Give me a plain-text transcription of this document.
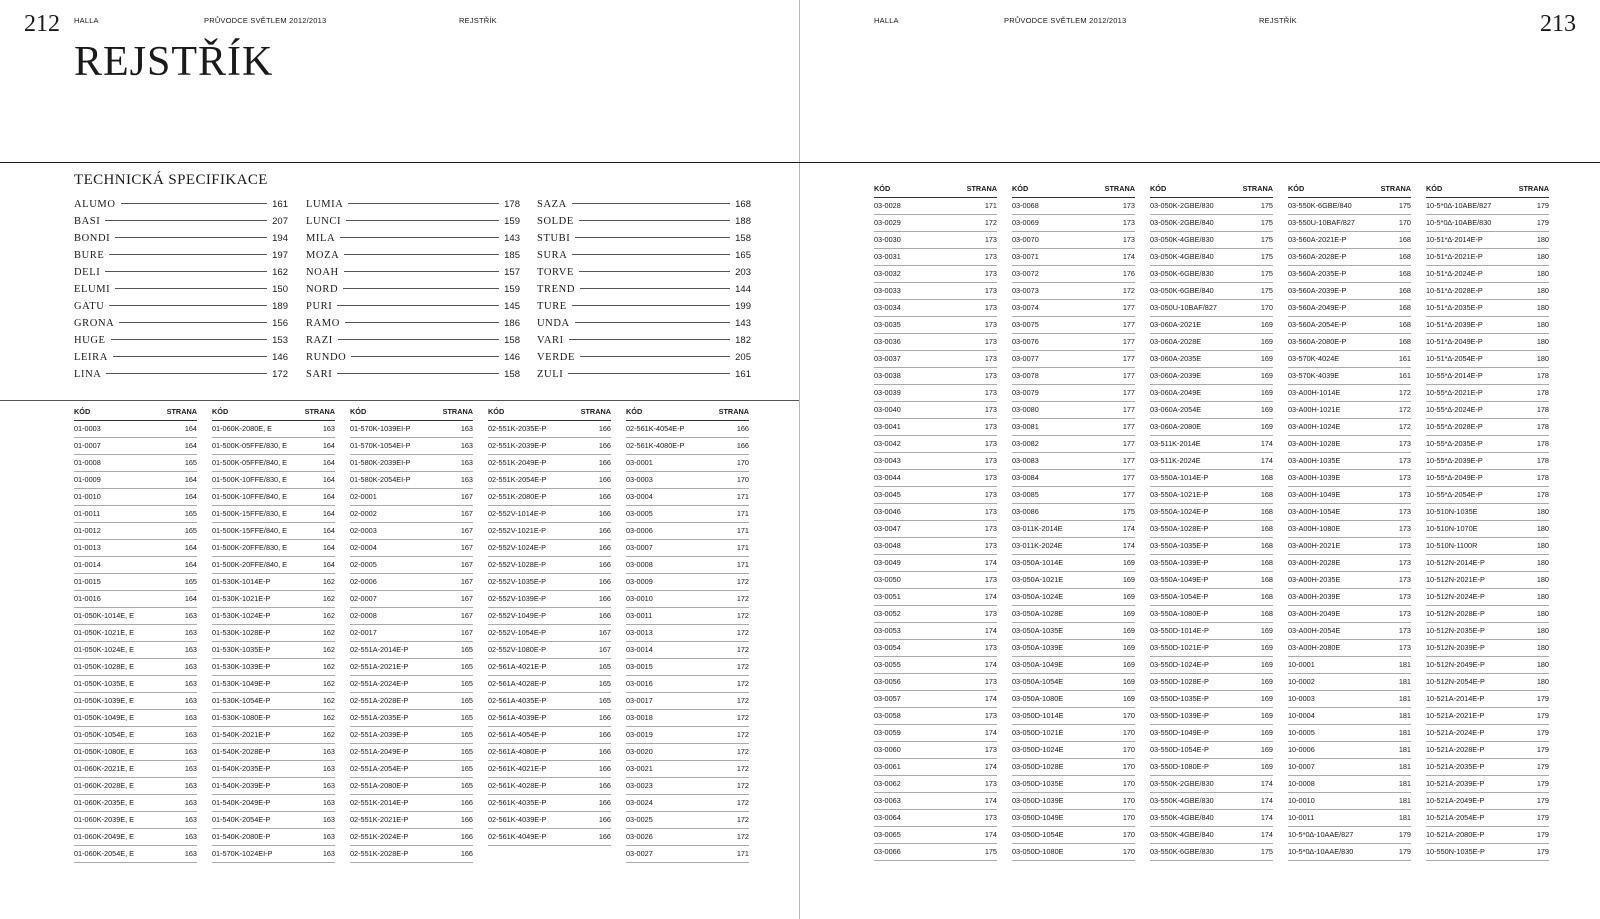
212 HALLA	PRŮVODCE SVĚTLEM 2012/2013	REJSTŘÍK
REJSTŘÍK
TECHNICKÁ SPECIFIKACE
ALUMO	161
BASI	207
BONDI	194
BURE	197
DELI	162
ELUMI	150
GATU	189
GRONA	156
HUGE	153
LEIRA	146
LINA	172
LUMIA	178
LUNCI	159
MILA	143
MOZA	185
NOAH	157
NORD	159
PURI	145
RAMO	186
RAZI	158
RUNDO	146
SARI	158
SAZA	168
SOLDE	188
STUBI	158
SURA	165
TORVE	203
TREND	144
TURE	199
UNDA	143
VARI	182
VERDE	205
ZULI	161
KÓD	STRANA
01-0003	164
01-0007	164
01-0008	165
01-0009	164
01-0010	164
01-0011	165
01-0012	165
01-0013	164
01-0014	164
01-0015	165
01-0016	164
01-050K-1014E, E	163
01-050K-1021E, E	163
01-050K-1024E, E	163
01-050K-1028E, E	163
01-050K-1035E, E	163
01-050K-1039E, E	163
01-050K-1049E, E	163
01-050K-1054E, E	163
01-050K-1080E, E	163
01-060K-2021E, E	163
01-060K-2028E, E	163
01-060K-2035E, E	163
01-060K-2039E, E	163
01-060K-2049E, E	163
01-060K-2054E, E	163
KÓD	STRANA
01-060K-2080E, E	163
01-500K-05FFE/830, E	164
01-500K-05FFE/840, E	164
01-500K-10FFE/830, E	164
01-500K-10FFE/840, E	164
01-500K-15FFE/830, E	164
01-500K-15FFE/840, E	164
01-500K-20FFE/830, E	164
01-500K-20FFE/840, E	164
01-530K-1014E-P	162
01-530K-1021E-P	162
01-530K-1024E-P	162
01-530K-1028E-P	162
01-530K-1035E-P	162
01-530K-1039E-P	162
01-530K-1049E-P	162
01-530K-1054E-P	162
01-530K-1080E-P	162
01-540K-2021E-P	162
01-540K-2028E-P	163
01-540K-2035E-P	163
01-540K-2039E-P	163
01-540K-2049E-P	163
01-540K-2054E-P	163
01-540K-2080E-P	163
01-570K-1024EI-P	163
KÓD	STRANA
01-570K-1039EI-P	163
01-570K-1054EI-P	163
01-580K-2039EI-P	163
01-580K-2054EI-P	163
02-0001	167
02-0002	167
02-0003	167
02-0004	167
02-0005	167
02-0006	167
02-0007	167
02-0008	167
02-0017	167
02-551A-2014E-P	165
02-551A-2021E-P	165
02-551A-2024E-P	165
02-551A-2028E-P	165
02-551A-2035E-P	165
02-551A-2039E-P	165
02-551A-2049E-P	165
02-551A-2054E-P	165
02-551A-2080E-P	165
02-551K-2014E-P	166
02-551K-2021E-P	166
02-551K-2024E-P	166
02-551K-2028E-P	166
KÓD	STRANA
02-551K-2035E-P	166
02-551K-2039E-P	166
02-551K-2049E-P	166
02-551K-2054E-P	166
02-551K-2080E-P	166
02-552V-1014E-P	166
02-552V-1021E-P	166
02-552V-1024E-P	166
02-552V-1028E-P	166
02-552V-1035E-P	166
02-552V-1039E-P	166
02-552V-1049E-P	166
02-552V-1054E-P	167
02-552V-1080E-P	167
02-561A-4021E-P	165
02-561A-4028E-P	165
02-561A-4035E-P	165
02-561A-4039E-P	166
02-561A-4054E-P	166
02-561A-4080E-P	166
02-561K-4021E-P	166
02-561K-4028E-P	166
02-561K-4035E-P	166
02-561K-4039E-P	166
02-561K-4049E-P	166
KÓD	STRANA
02-561K-4054E-P	166
02-561K-4080E-P	166
03-0001	170
03-0003	170
03-0004	171
03-0005	171
03-0006	171
03-0007	171
03-0008	171
03-0009	172
03-0010	172
03-0011	172
03-0013	172
03-0014	172
03-0015	172
03-0016	172
03-0017	172
03-0018	172
03-0019	172
03-0020	172
03-0021	172
03-0023	172
03-0024	172
03-0025	172
03-0026	172
03-0027	171
HALLA	PRŮVODCE SVĚTLEM 2012/2013	REJSTŘÍK	213
KÓD	STRANA
03-0028	171
03-0029	172
03-0030	173
03-0031	173
03-0032	173
03-0033	173
03-0034	173
03-0035	173
03-0036	173
03-0037	173
03-0038	173
03-0039	173
03-0040	173
03-0041	173
03-0042	173
03-0043	173
03-0044	173
03-0045	173
03-0046	173
03-0047	173
03-0048	173
03-0049	174
03-0050	173
03-0051	174
03-0052	173
03-0053	174
03-0054	173
03-0055	174
03-0056	173
03-0057	174
03-0058	173
03-0059	174
03-0060	173
03-0061	174
03-0062	173
03-0063	174
03-0064	173
03-0065	174
03-0066	175
KÓD	STRANA
03-0068	173
03-0069	173
03-0070	173
03-0071	174
03-0072	176
03-0073	172
03-0074	177
03-0075	177
03-0076	177
03-0077	177
03-0078	177
03-0079	177
03-0080	177
03-0081	177
03-0082	177
03-0083	177
03-0084	177
03-0085	177
03-0086	175
03-011K-2014E	174
03-011K-2024E	174
03-050A-1014E	169
03-050A-1021E	169
03-050A-1024E	169
03-050A-1028E	169
03-050A-1035E	169
03-050A-1039E	169
03-050A-1049E	169
03-050A-1054E	169
03-050A-1080E	169
03-050D-1014E	170
03-050D-1021E	170
03-050D-1024E	170
03-050D-1028E	170
03-050D-1035E	170
03-050D-1039E	170
03-050D-1049E	170
03-050D-1054E	170
03-050D-1080E	170
KÓD	STRANA
03-050K-2GBE/830	175
03-050K-2GBE/840	175
03-050K-4GBE/830	175
03-050K-4GBE/840	175
03-050K-6GBE/830	175
03-050K-6GBE/840	175
03-050U-10BAF/827	170
03-060A-2021E	169
03-060A-2028E	169
03-060A-2035E	169
03-060A-2039E	169
03-060A-2049E	169
03-060A-2054E	169
03-060A-2080E	169
03-511K-2014E	174
03-511K-2024E	174
03-550A-1014E-P	168
03-550A-1021E-P	168
03-550A-1024E-P	168
03-550A-1028E-P	168
03-550A-1035E-P	168
03-550A-1039E-P	168
03-550A-1049E-P	168
03-550A-1054E-P	168
03-550A-1080E-P	168
03-550D-1014E-P	169
03-550D-1021E-P	169
03-550D-1024E-P	169
03-550D-1028E-P	169
03-550D-1035E-P	169
03-550D-1039E-P	169
03-550D-1049E-P	169
03-550D-1054E-P	169
03-550D-1080E-P	169
03-550K-2GBE/830	174
03-550K-4GBE/830	174
03-550K-4GBE/840	174
03-550K-4GBE/840	174
03-550K-6GBE/830	175
KÓD	STRANA
03-550K-6GBE/840	175
03-550U-10BAF/827	170
03-560A-2021E-P	168
03-560A-2028E-P	168
03-560A-2035E-P	168
03-560A-2039E-P	168
03-560A-2049E-P	168
03-560A-2054E-P	168
03-560A-2080E-P	168
03-570K-4024E	161
03-570K-4039E	161
03-A00H-1014E	172
03-A00H-1021E	172
03-A00H-1024E	172
03-A00H-1028E	173
03-A00H-1035E	173
03-A00H-1039E	173
03-A00H-1049E	173
03-A00H-1054E	173
03-A00H-1080E	173
03-A00H-2021E	173
03-A00H-2028E	173
03-A00H-2035E	173
03-A00H-2039E	173
03-A00H-2049E	173
03-A00H-2054E	173
03-A00H-2080E	173
10-0001	181
10-0002	181
10-0003	181
10-0004	181
10-0005	181
10-0006	181
10-0007	181
10-0008	181
10-0010	181
10-0011	181
10-5*0∆-10AAE/827	179
10-5*0∆-10AAE/830	179
KÓD	STRANA
10-5*0∆-10ABE/827	179
10-5*0∆-10ABE/830	179
10-51*∆-2014E-P	180
10-51*∆-2021E-P	180
10-51*∆-2024E-P	180
10-51*∆-2028E-P	180
10-51*∆-2035E-P	180
10-51*∆-2039E-P	180
10-51*∆-2049E-P	180
10-51*∆-2054E-P	180
10-55*∆-2014E-P	178
10-55*∆-2021E-P	178
10-55*∆-2024E-P	178
10-55*∆-2028E-P	178
10-55*∆-2035E-P	178
10-55*∆-2039E-P	178
10-55*∆-2049E-P	178
10-55*∆-2054E-P	178
10-510N-1035E	180
10-510N-1070E	180
10-510N-1100R	180
10-512N-2014E-P	180
10-512N-2021E-P	180
10-512N-2024E-P	180
10-512N-2028E-P	180
10-512N-2035E-P	180
10-512N-2039E-P	180
10-512N-2049E-P	180
10-512N-2054E-P	180
10-521A-2014E-P	179
10-521A-2021E-P	179
10-521A-2024E-P	179
10-521A-2028E-P	179
10-521A-2035E-P	179
10-521A-2039E-P	179
10-521A-2049E-P	179
10-521A-2054E-P	179
10-521A-2080E-P	179
10-550N-1035E-P	179
